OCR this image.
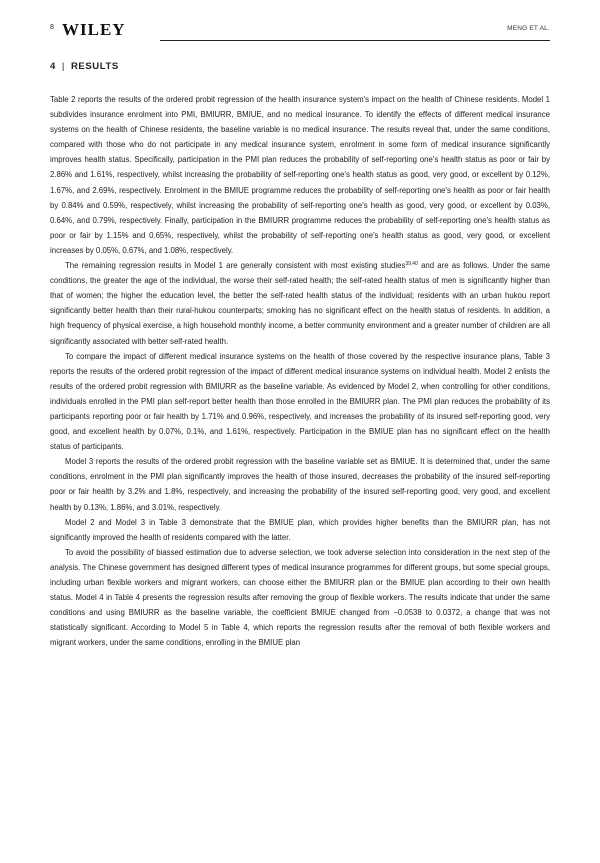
8 WILEY	MENG ET AL.
4 | RESULTS

Table 2 reports the results of the ordered probit regression of the health insurance system's impact on the health of Chinese residents. Model 1 subdivides insurance enrolment into PMI, BMIURR, BMIUE, and no medical insurance. To identify the effects of different medical insurance systems on the health of Chinese residents, the baseline variable is no medical insurance. The results reveal that, under the same conditions, compared with those who do not participate in any medical insurance system, enrolment in some form of medical insurance significantly improves health status. Specifically, participation in the PMI plan reduces the probability of self-reporting one's health status as poor or fair by 2.86% and 1.61%, respectively, whilst increasing the probability of self-reporting one's health status as good, very good, or excellent by 0.12%, 1.67%, and 2.69%, respectively. Enrolment in the BMIUE programme reduces the probability of self-reporting one's health as poor or fair health by 0.84% and 0.59%, respectively, whilst increasing the probability of self-reporting one's health as good, very good, or excellent by 0.03%, 0.64%, and 0.79%, respectively. Finally, participation in the BMIURR programme reduces the probability of self-reporting one's health status as poor or fair by 1.15% and 0.65%, respectively, whilst the probability of self-reporting one's health status as good, very good, or excellent increases by 0.05%, 0.67%, and 1.08%, respectively.

The remaining regression results in Model 1 are generally consistent with most existing studies$^{39,40}$ and are as follows. Under the same conditions, the greater the age of the individual, the worse their self-rated health; the self-rated health status of men is significantly higher than that of women; the higher the education level, the better the self-rated health status of the individual; residents with an urban hukou report significantly better health than their rural-hukou counterparts; smoking has no significant effect on the health status of residents. In addition, a high frequency of physical exercise, a high household monthly income, a better community environment and a greater number of children are all significantly associated with better self-rated health.

To compare the impact of different medical insurance systems on the health of those covered by the respective insurance plans, Table 3 reports the results of the ordered probit regression of the impact of different medical insurance systems on individual health. Model 2 enlists the results of the ordered probit regression with BMIURR as the baseline variable. As evidenced by Model 2, when controlling for other conditions, individuals enrolled in the PMI plan self-report better health than those enrolled in the BMIURR plan. The PMI plan reduces the probability of its participants reporting poor or fair health by 1.71% and 0.96%, respectively, and increases the probability of its insured self-reporting good, very good, and excellent health by 0.07%, 0.1%, and 1.61%, respectively. Participation in the BMIUE plan has no significant effect on the health status of participants.

Model 3 reports the results of the ordered probit regression with the baseline variable set as BMIUE. It is determined that, under the same conditions, enrolment in the PMI plan significantly improves the health of those insured, decreases the probability of the insured self-reporting poor or fair health by 3.2% and 1.8%, respectively, and increasing the probability of the insured self-reporting good, very good, and excellent health by 0.13%, 1.86%, and 3.01%, respectively.

Model 2 and Model 3 in Table 3 demonstrate that the BMIUE plan, which provides higher benefits than the BMIURR plan, has not significantly improved the health of residents compared with the latter.

To avoid the possibility of biassed estimation due to adverse selection, we took adverse selection into consideration in the next step of the analysis. The Chinese government has designed different types of medical insurance programmes for different groups, but some special groups, including urban flexible workers and migrant workers, can choose either the BMIURR plan or the BMIUE plan according to their own health status. Model 4 in Table 4 presents the regression results after removing the group of flexible workers. The results indicate that under the same conditions and using BMIURR as the baseline variable, the coefficient BMIUE changed from −0.0538 to 0.0372, a change that was not statistically significant. According to Model 5 in Table 4, which reports the regression results after the removal of both flexible workers and migrant workers, under the same conditions, enrolling in the BMIUE plan
